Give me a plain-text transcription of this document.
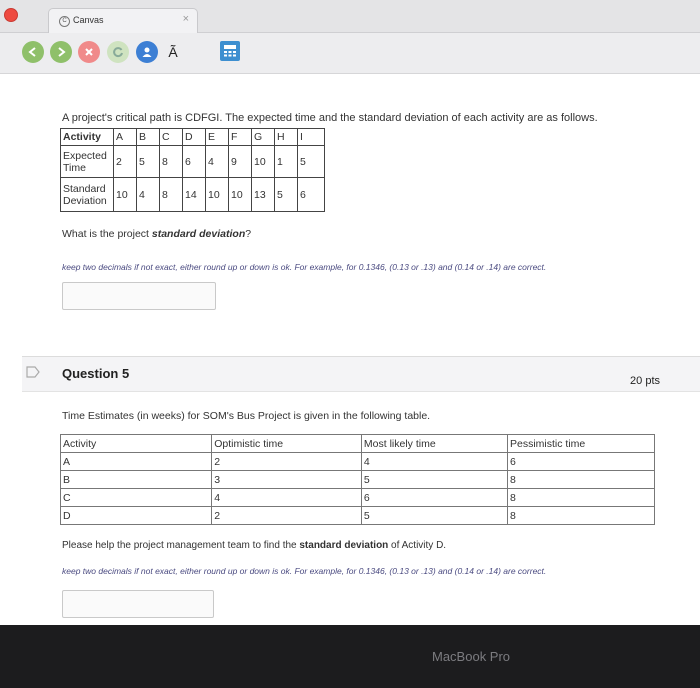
C Canvas	×
Ã
A project's critical path is CDFGI. The expected time and the standard deviation of each activity are as follows.
Activity	A	B	C	D	E	F	G	H	I
Expected
Time	2	5	8	6	4	9	10	1	5
Standard
Deviation	10	4	8	14	10	10	13	5	6
What is the project standard deviation?
keep two decimals if not exact, either round up or down is ok. For example, for 0.1346, (0.13 or .13) and (0.14 or .14) are correct.
Question 5	20 pts
Time Estimates (in weeks) for SOM's Bus Project is given in the following table.
Activity	Optimistic time	Most likely time	Pessimistic time
A	2	4	6
B	3	5	8
C	4	6	8
D	2	5	8
Please help the project management team to find the standard deviation of Activity D.
keep two decimals if not exact, either round up or down is ok. For example, for 0.1346, (0.13 or .13) and (0.14 or .14) are correct.
MacBook Pro
